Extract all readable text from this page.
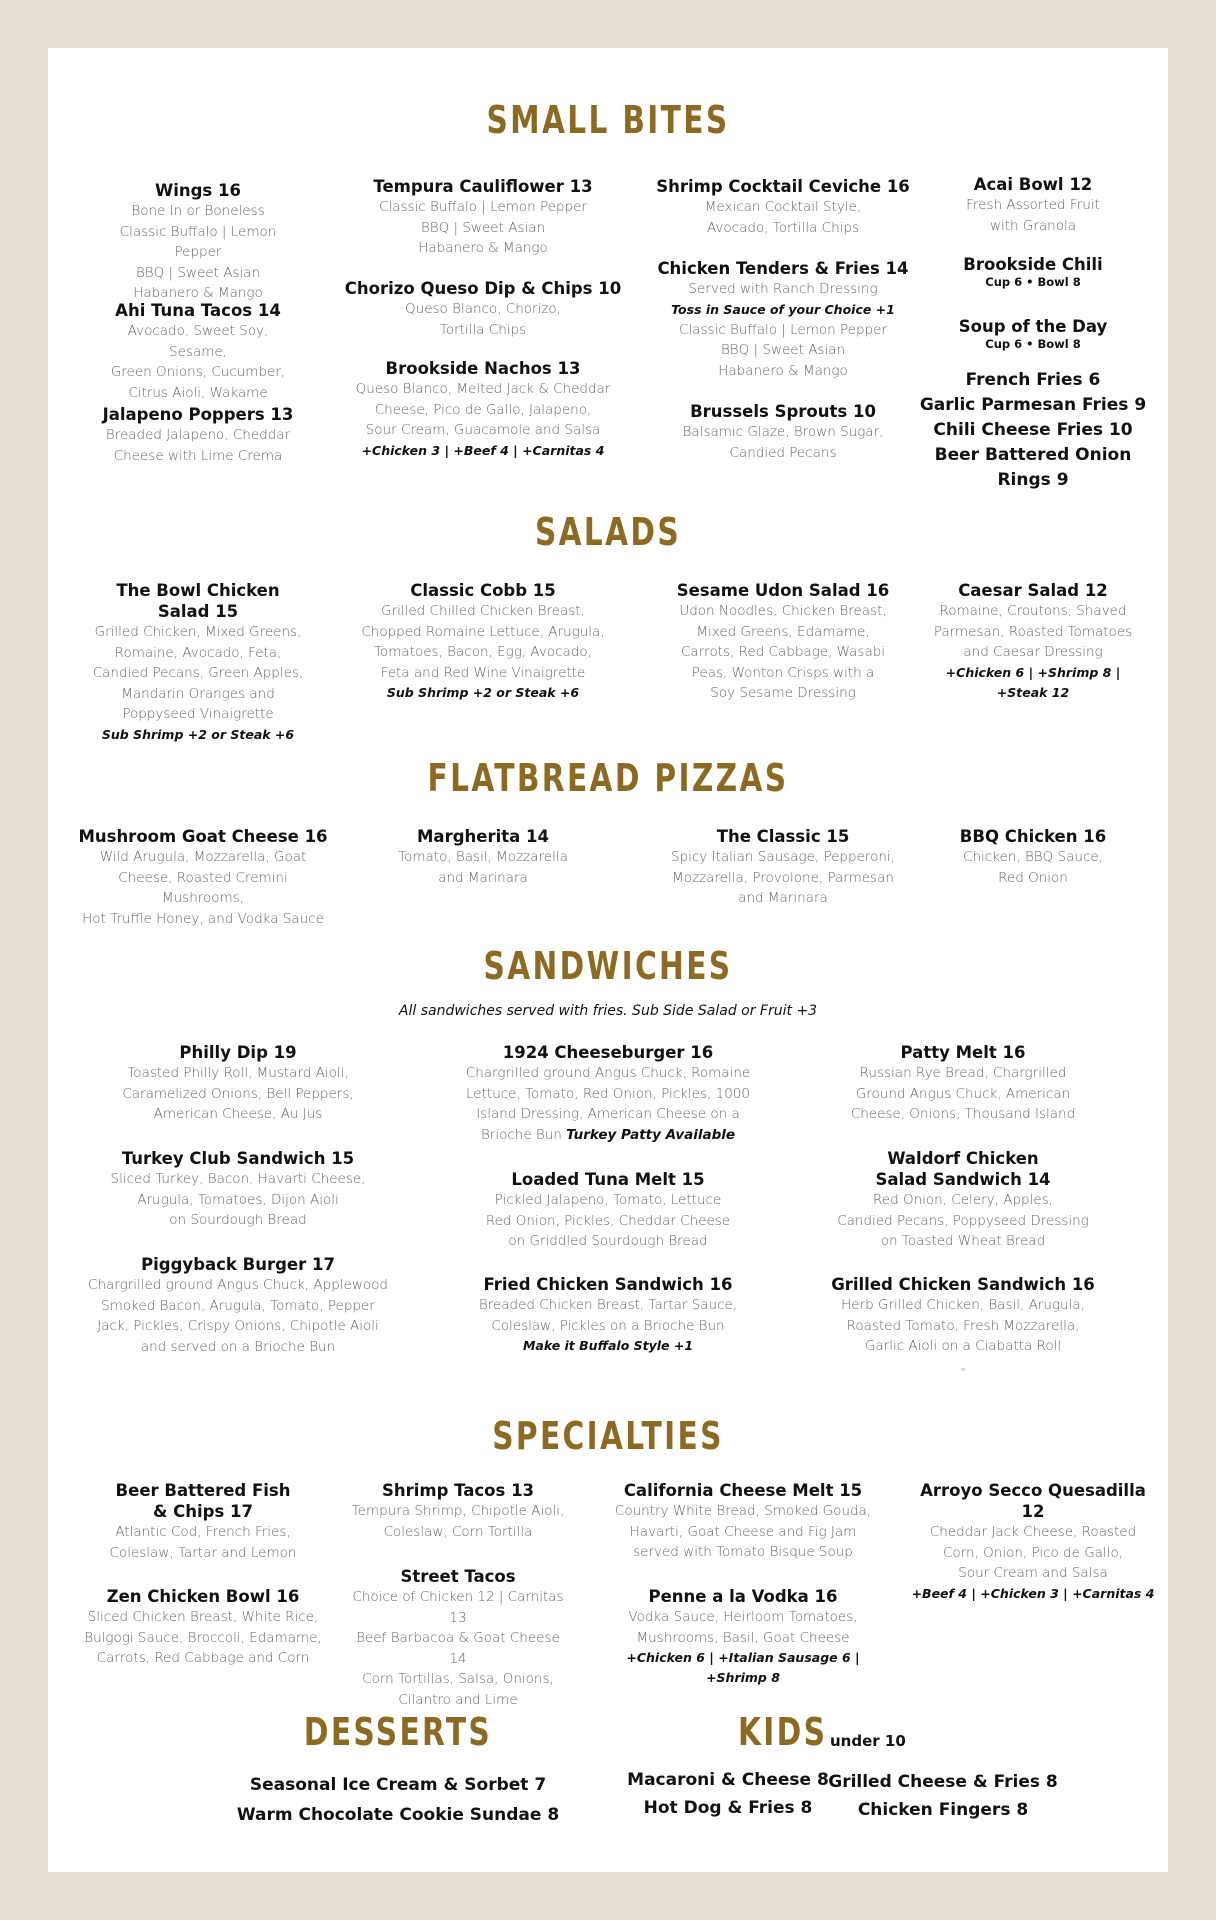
SMALL BITES
Wings 16
Bone In or Boneless
Classic Buffalo | Lemon Pepper
BBQ | Sweet Asian
Habanero & Mango
Ahi Tuna Tacos 14
Avocado, Sweet Soy, Sesame,
Green Onions, Cucumber,
Citrus Aioli, Wakame
Jalapeno Poppers 13
Breaded Jalapeno, Cheddar
Cheese with Lime Crema
Tempura Cauliflower 13
Classic Buffalo | Lemon Pepper
BBQ | Sweet Asian
Habanero & Mango
Chorizo Queso Dip & Chips 10
Queso Blanco, Chorizo,
Tortilla Chips
Brookside Nachos 13
Queso Blanco, Melted Jack & Cheddar
Cheese, Pico de Gallo, Jalapeno,
Sour Cream, Guacamole and Salsa
+Chicken 3 | +Beef 4 | +Carnitas 4
Shrimp Cocktail Ceviche 16
Mexican Cocktail Style,
Avocado, Tortilla Chips
Chicken Tenders & Fries 14
Served with Ranch Dressing
Toss in Sauce of your Choice +1
Classic Buffalo | Lemon Pepper
BBQ | Sweet Asian
Habanero & Mango
Brussels Sprouts 10
Balsamic Glaze, Brown Sugar,
Candied Pecans
Acai Bowl 12
Fresh Assorted Fruit
with Granola
Brookside Chili
Cup 6 • Bowl 8
Soup of the Day
Cup 6 • Bowl 8
French Fries 6
Garlic Parmesan Fries 9
Chili Cheese Fries 10
Beer Battered Onion Rings 9
SALADS
The Bowl Chicken Salad 15
Grilled Chicken, Mixed Greens,
Romaine, Avocado, Feta,
Candied Pecans, Green Apples,
Mandarin Oranges and
Poppyseed Vinaigrette
Sub Shrimp +2 or Steak +6
Classic Cobb 15
Grilled Chilled Chicken Breast,
Chopped Romaine Lettuce, Arugula,
Tomatoes, Bacon, Egg, Avocado,
Feta and Red Wine Vinaigrette
Sub Shrimp +2 or Steak +6
Sesame Udon Salad 16
Udon Noodles, Chicken Breast,
Mixed Greens, Edamame,
Carrots, Red Cabbage, Wasabi
Peas, Wonton Crisps with a
Soy Sesame Dressing
Caesar Salad 12
Romaine, Croutons, Shaved
Parmesan, Roasted Tomatoes
and Caesar Dressing
+Chicken 6 | +Shrimp 8 | +Steak 12
FLATBREAD PIZZAS
Mushroom Goat Cheese 16
Wild Arugula, Mozzarella, Goat
Cheese, Roasted Cremini Mushrooms,
Hot Truffle Honey, and Vodka Sauce
Margherita 14
Tomato, Basil, Mozzarella
and Marinara
The Classic 15
Spicy Italian Sausage, Pepperoni,
Mozzarella, Provolone, Parmesan
and Marinara
BBQ Chicken 16
Chicken, BBQ Sauce,
Red Onion
SANDWICHES
All sandwiches served with fries. Sub Side Salad or Fruit +3
Philly Dip 19
Toasted Philly Roll, Mustard Aioli,
Caramelized Onions, Bell Peppers,
American Cheese, Au Jus
Turkey Club Sandwich 15
Sliced Turkey, Bacon, Havarti Cheese,
Arugula, Tomatoes, Dijon Aioli
on Sourdough Bread
Piggyback Burger 17
Chargrilled ground Angus Chuck, Applewood
Smoked Bacon, Arugula, Tomato, Pepper
Jack, Pickles, Crispy Onions, Chipotle Aioli
and served on a Brioche Bun
1924 Cheeseburger 16
Chargrilled ground Angus Chuck, Romaine
Lettuce, Tomato, Red Onion, Pickles, 1000
Island Dressing, American Cheese on a
Brioche Bun Turkey Patty Available
Loaded Tuna Melt 15
Pickled Jalapeno, Tomato, Lettuce
Red Onion, Pickles, Cheddar Cheese
on Griddled Sourdough Bread
Fried Chicken Sandwich 16
Breaded Chicken Breast, Tartar Sauce,
Coleslaw, Pickles on a Brioche Bun
Make it Buffalo Style +1
Patty Melt 16
Russian Rye Bread, Chargrilled
Ground Angus Chuck, American
Cheese, Onions, Thousand Island
Waldorf Chicken
Salad Sandwich 14
Red Onion, Celery, Apples,
Candied Pecans, Poppyseed Dressing
on Toasted Wheat Bread
Grilled Chicken Sandwich 16
Herb Grilled Chicken, Basil, Arugula,
Roasted Tomato, Fresh Mozzarella,
Garlic Aioli on a Ciabatta Roll
"
SPECIALTIES
Beer Battered Fish
& Chips 17
Atlantic Cod, French Fries,
Coleslaw, Tartar and Lemon
Zen Chicken Bowl 16
Sliced Chicken Breast, White Rice,
Bulgogi Sauce, Broccoli, Edamame,
Carrots, Red Cabbage and Corn
Shrimp Tacos 13
Tempura Shrimp, Chipotle Aioli,
Coleslaw, Corn Tortilla
Street Tacos
Choice of Chicken 12 | Carnitas 13
Beef Barbacoa & Goat Cheese 14
Corn Tortillas, Salsa, Onions,
Cilantro and Lime
California Cheese Melt 15
Country White Bread, Smoked Gouda,
Havarti, Goat Cheese and Fig Jam
served with Tomato Bisque Soup
Penne a la Vodka 16
Vodka Sauce, Heirloom Tomatoes,
Mushrooms, Basil, Goat Cheese
+Chicken 6 | +Italian Sausage 6 | +Shrimp 8
Arroyo Secco Quesadilla 12
Cheddar Jack Cheese, Roasted
Corn, Onion, Pico de Gallo,
Sour Cream and Salsa
+Beef 4 | +Chicken 3 | +Carnitas 4
DESSERTS
Seasonal Ice Cream & Sorbet 7
Warm Chocolate Cookie Sundae 8
KIDS under 10
Macaroni & Cheese 8
Hot Dog & Fries 8
Grilled Cheese & Fries 8
Chicken Fingers 8
